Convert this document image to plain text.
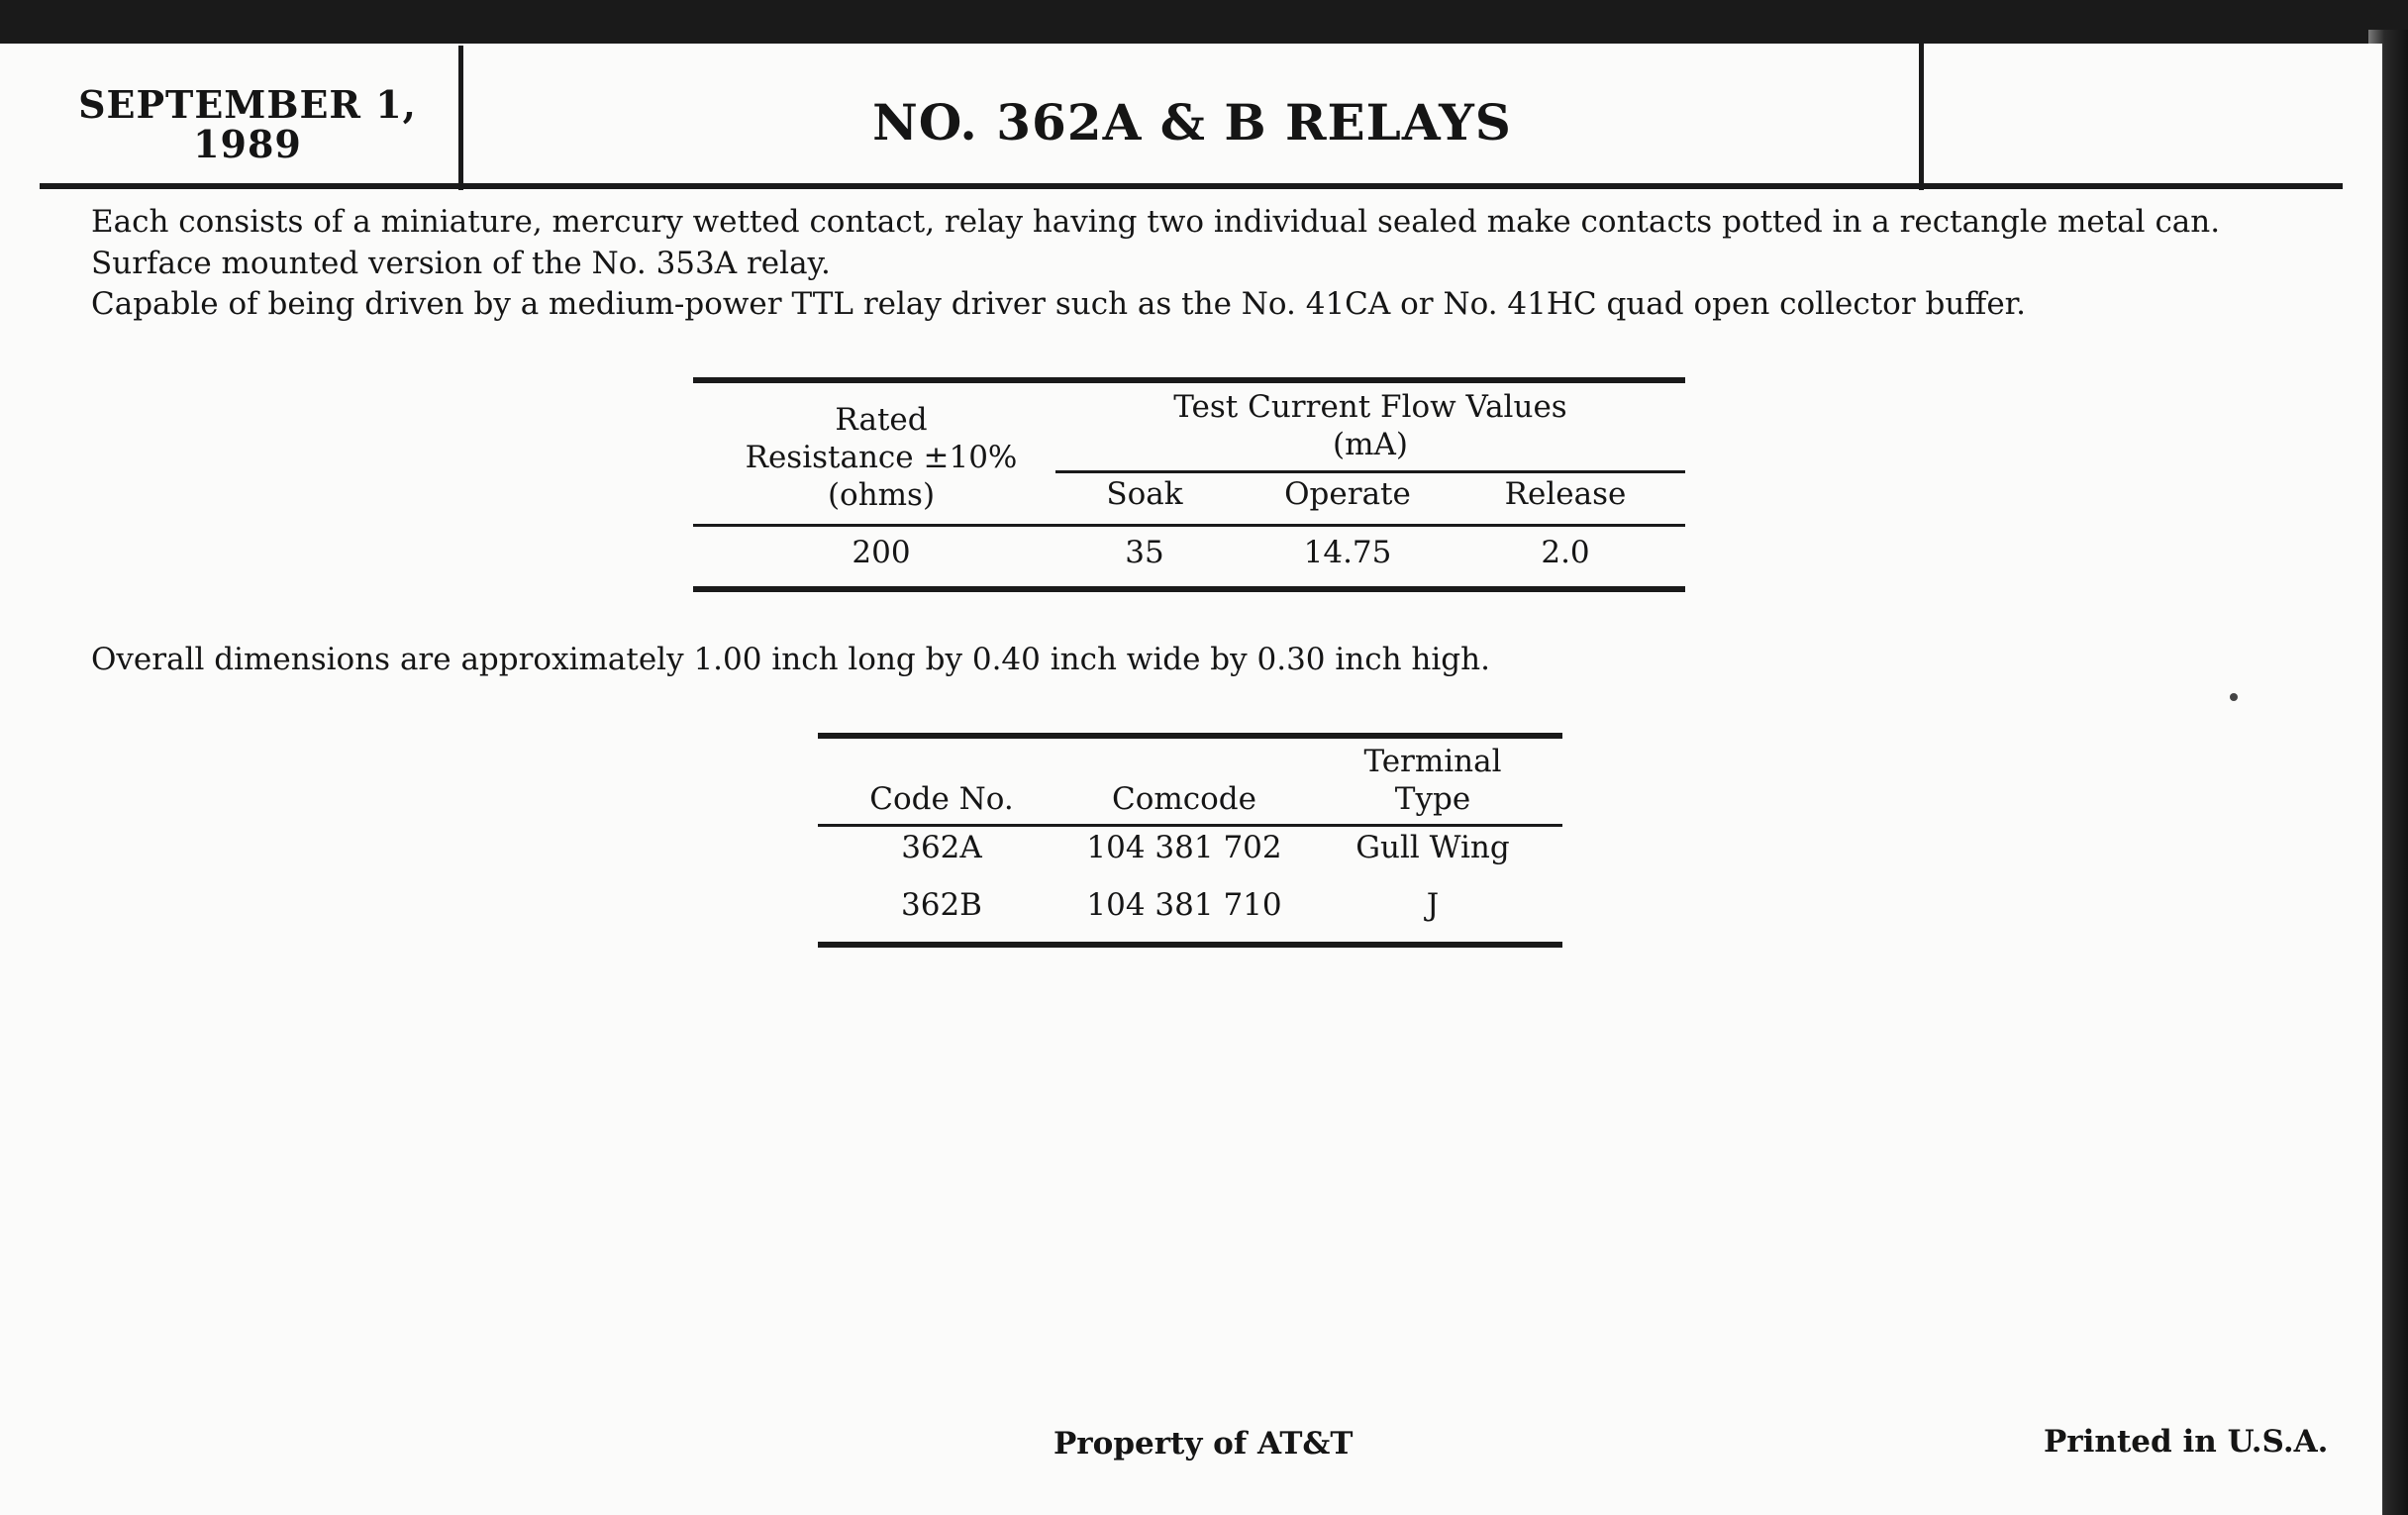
SEPTEMBER 1,
1989	NO. 362A & B RELAYS
Each consists of a miniature, mercury wetted contact, relay having two individual sealed make contacts potted in a rectangle metal can.
Surface mounted version of the No. 353A relay.
Capable of being driven by a medium-power TTL relay driver such as the No. 41CA or No. 41HC quad open collector buffer.
Rated
Resistance ±10%
(ohms)
Test Current Flow Values
(mA)
Soak	Operate	Release
200	35	14.75	2.0
Overall dimensions are approximately 1.00 inch long by 0.40 inch wide by 0.30 inch high.
Code No.	Comcode
Terminal
Type
362A	104 381 702	Gull Wing
362B	104 381 710	J
Property of AT&T	Printed in U.S.A.
